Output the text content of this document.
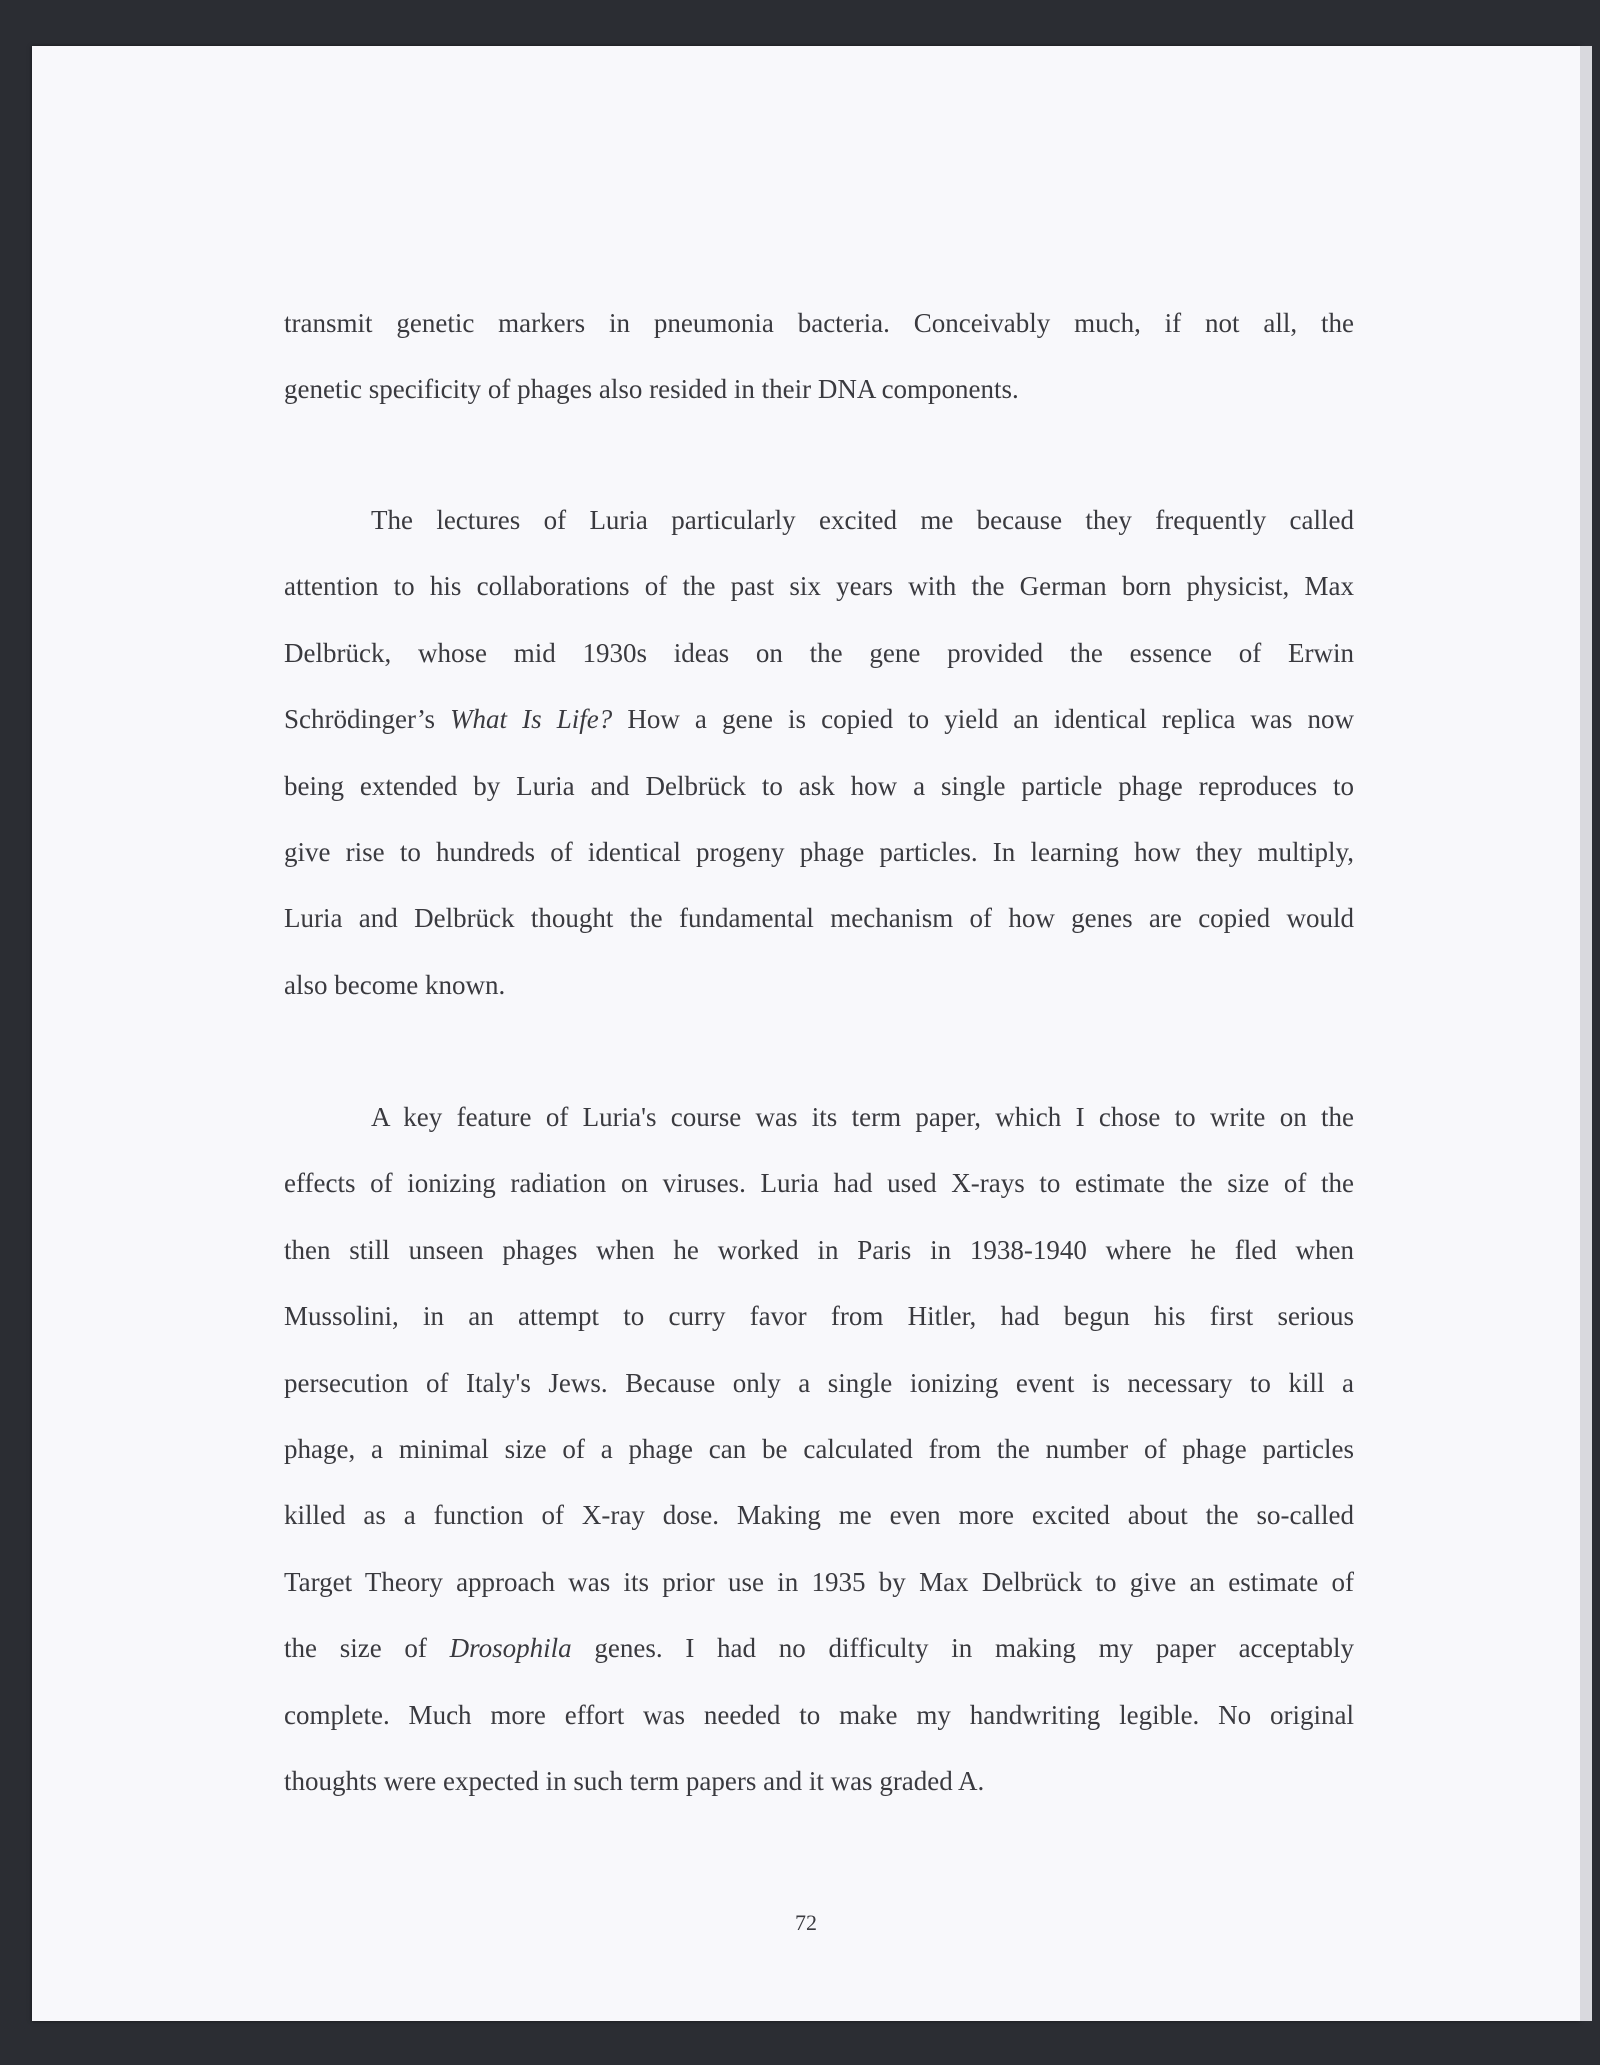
transmit genetic markers in pneumonia bacteria. Conceivably much, if not all, the
genetic specificity of phages also resided in their DNA components.
The lectures of Luria particularly excited me because they frequently called
attention to his collaborations of the past six years with the German born physicist, Max
Delbrück, whose mid 1930s ideas on the gene provided the essence of Erwin
Schrödinger’s What Is Life? How a gene is copied to yield an identical replica was now
being extended by Luria and Delbrück to ask how a single particle phage reproduces to
give rise to hundreds of identical progeny phage particles. In learning how they multiply,
Luria and Delbrück thought the fundamental mechanism of how genes are copied would
also become known.
A key feature of Luria's course was its term paper, which I chose to write on the
effects of ionizing radiation on viruses. Luria had used X-rays to estimate the size of the
then still unseen phages when he worked in Paris in 1938-1940 where he fled when
Mussolini, in an attempt to curry favor from Hitler, had begun his first serious
persecution of Italy's Jews. Because only a single ionizing event is necessary to kill a
phage, a minimal size of a phage can be calculated from the number of phage particles
killed as a function of X-ray dose. Making me even more excited about the so-called
Target Theory approach was its prior use in 1935 by Max Delbrück to give an estimate of
the size of Drosophila genes. I had no difficulty in making my paper acceptably
complete. Much more effort was needed to make my handwriting legible. No original
thoughts were expected in such term papers and it was graded A.
72
